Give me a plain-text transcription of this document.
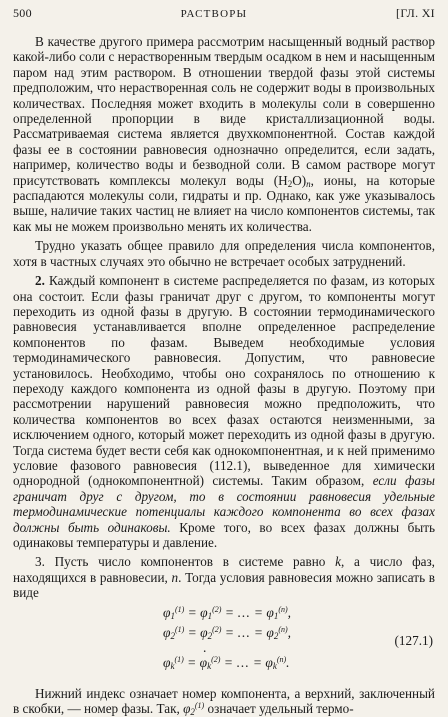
500	РАСТВОРЫ	[ГЛ. XI

В качестве другого примера рассмотрим насыщенный водный раствор какой-либо соли с нерастворенным твердым осадком в нем и насыщенным паром над этим раствором. В отношении твердой фазы этой системы предположим, что нерастворенная соль не содержит воды в произвольных количествах. Последняя может входить в молекулы соли в совершенно определенной пропорции в виде кристаллизационной воды. Рассматриваемая система является двухкомпонентной. Состав каждой фазы ее в состоянии равновесия однозначно определится, если задать, например, количество воды и безводной соли. В самом растворе могут присутствовать комплексы молекул воды $(H_2O)_n$, ионы, на которые распадаются молекулы соли, гидраты и пр. Однако, как уже указывалось выше, наличие таких частиц не влияет на число компонентов системы, так как мы не можем произвольно менять их количества.

Трудно указать общее правило для определения числа компонентов, хотя в частных случаях это обычно не встречает особых затруднений.

2. Каждый компонент в системе распределяется по фазам, из которых она состоит. Если фазы граничат друг с другом, то компоненты могут переходить из одной фазы в другую. В состоянии термодинамического равновесия устанавливается вполне определенное распределение компонентов по фазам. Выведем необходимые условия термодинамического равновесия. Допустим, что равновесие установилось. Необходимо, чтобы оно сохранялось по отношению к переходу каждого компонента из одной фазы в другую. Поэтому при рассмотрении нарушений равновесия можно предположить, что количества компонентов во всех фазах остаются неизменными, за исключением одного, который может переходить из одной фазы в другую. Тогда система будет вести себя как однокомпонентная, и к ней применимо условие фазового равновесия (112.1), выведенное для химически однородной (однокомпонентной) системы. Таким образом, если фазы граничат друг с другом, то в состоянии равновесия удельные термодинамические потенциалы каждого компонента во всех фазах должны быть одинаковы. Кроме того, во всех фазах должны быть одинаковы температуры и давление.

3. Пусть число компонентов в системе равно k, а число фаз, находящихся в равновесии, n. Тогда условия равновесия можно записать в виде

$\varphi_1^{(1)} = \varphi_1^{(2)}$ = ... = $\varphi_1^{(n)}$,
$\varphi_2^{(1)} = \varphi_2^{(2)}$ = ... = $\varphi_2^{(n)}$,
.
$\varphi_k^{(1)} = \varphi_k^{(2)}$ = ... = $\varphi_k^{(n)}$.
(127.1)

Нижний индекс означает номер компонента, а верхний, заключенный в скобки, — номер фазы. Так, $\varphi_2^{(1)}$ означает удельный термо-
